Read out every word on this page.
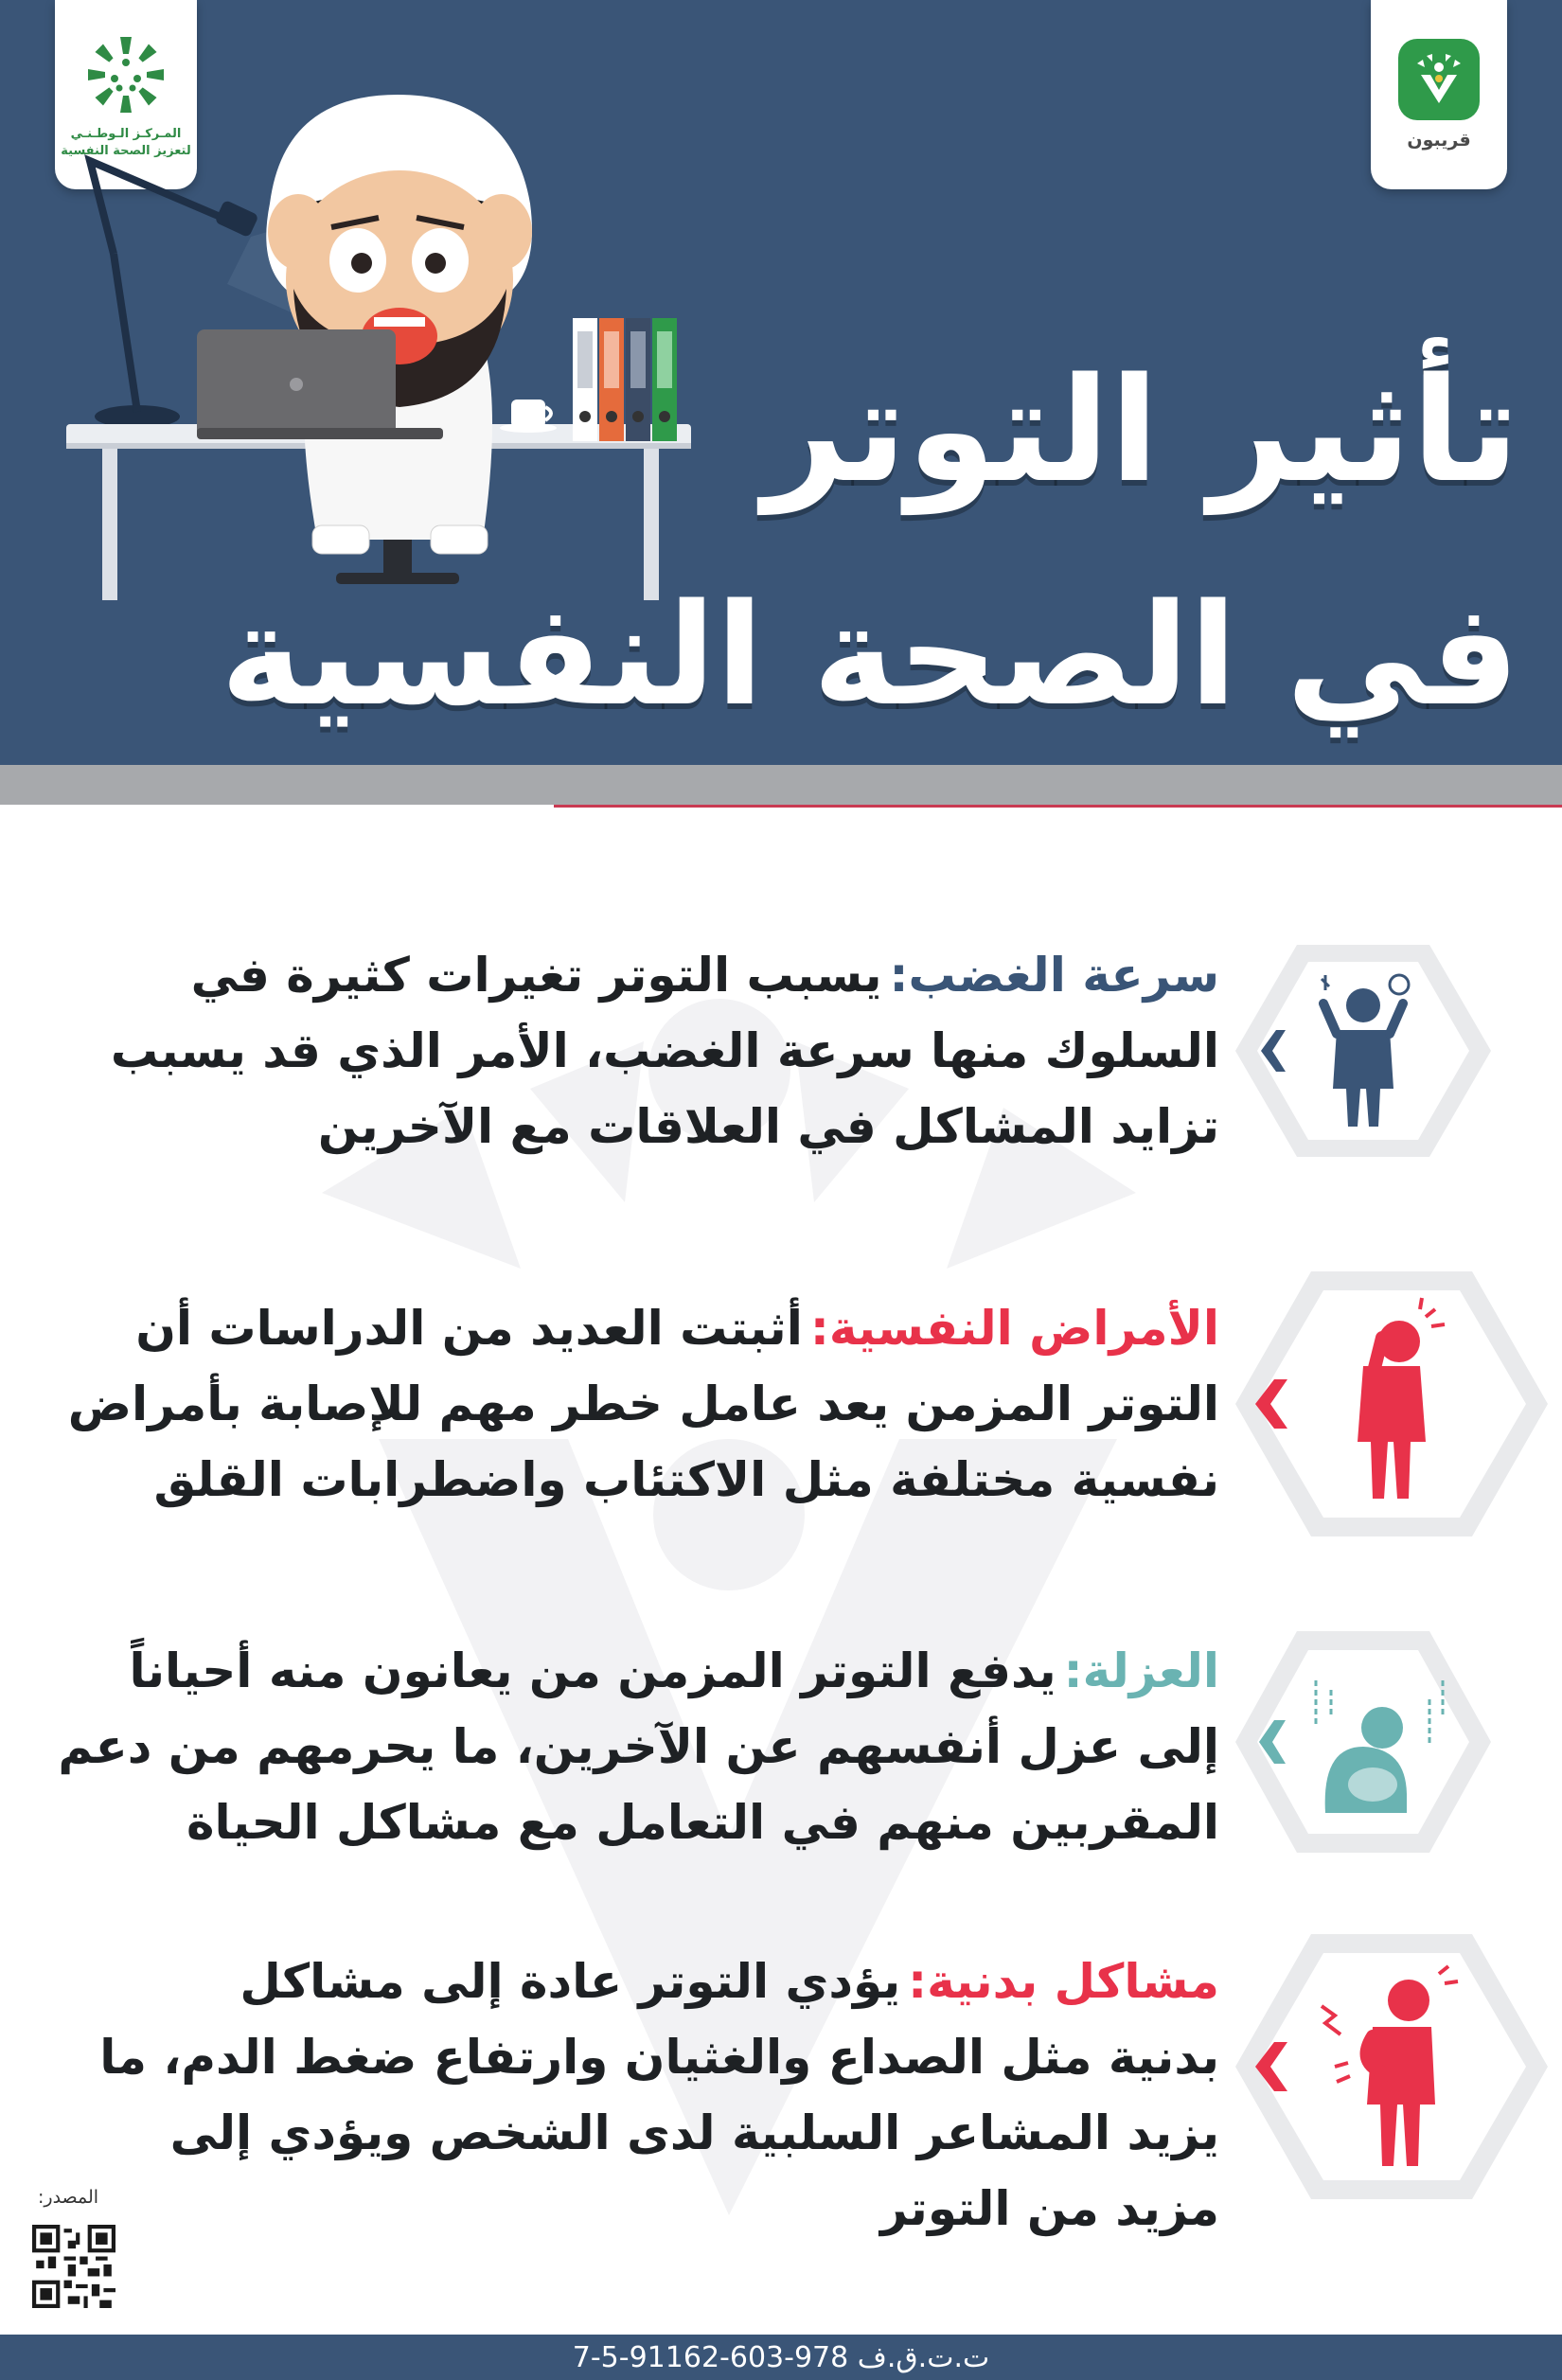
المـركـز الـوطـنـي
لتعزيز الصحة النفسية
قريبون
تأثير التوتر
في الصحة النفسية
سرعة الغضب:يسبب التوتر تغيرات كثيرة في
السلوك منها سرعة الغضب، الأمر الذي قد يسبب
تزايد المشاكل في العلاقات مع الآخرين
الأمراض النفسية:أثبتت العديد من الدراسات أن
التوتر المزمن يعد عامل خطر مهم للإصابة بأمراض
نفسية مختلفة مثل الاكتئاب واضطرابات القلق
العزلة:يدفع التوتر المزمن من يعانون منه أحياناً
إلى عزل أنفسهم عن الآخرين، ما يحرمهم من دعم
المقربين منهم في التعامل مع مشاكل الحياة
مشاكل بدنية:يؤدي التوتر عادة إلى مشاكل
بدنية مثل الصداع والغثيان وارتفاع ضغط الدم، ما
يزيد المشاعر السلبية لدى الشخص ويؤدي إلى
مزيد من التوتر
المصدر:
ت.ت.ق.ف 978-603-91162-5-7
